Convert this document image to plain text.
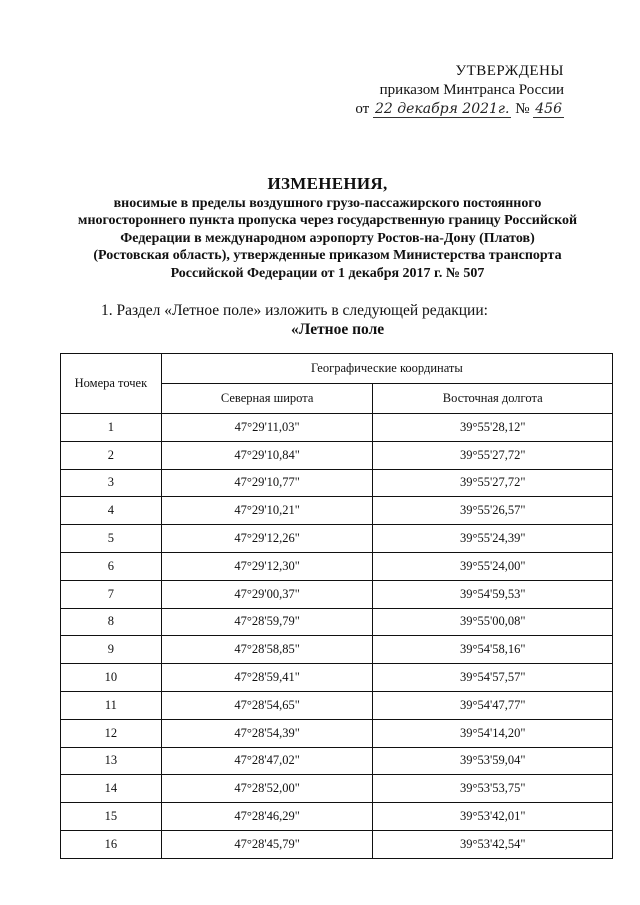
УТВЕРЖДЕНЫ
приказом Минтранса России
от 22 декабря 2021г. № 456
ИЗМЕНЕНИЯ,
вносимые в пределы воздушного грузо-пассажирского постоянного
многостороннего пункта пропуска через государственную границу Российской
Федерации в международном аэропорту Ростов-на-Дону (Платов)
(Ростовская область), утвержденные приказом Министерства транспорта
Российской Федерации от 1 декабря 2017 г. № 507
1. Раздел «Летное поле» изложить в следующей редакции:
«Летное поле
Номера точек	Географические координаты	
	Северная широта	Восточная долгота
1	47°29'11,03"	39°55'28,12"
2	47°29'10,84"	39°55'27,72"
3	47°29'10,77"	39°55'27,72"
4	47°29'10,21"	39°55'26,57"
5	47°29'12,26"	39°55'24,39"
6	47°29'12,30"	39°55'24,00"
7	47°29'00,37"	39°54'59,53"
8	47°28'59,79"	39°55'00,08"
9	47°28'58,85"	39°54'58,16"
10	47°28'59,41"	39°54'57,57"
11	47°28'54,65"	39°54'47,77"
12	47°28'54,39"	39°54'14,20"
13	47°28'47,02"	39°53'59,04"
14	47°28'52,00"	39°53'53,75"
15	47°28'46,29"	39°53'42,01"
16	47°28'45,79"	39°53'42,54"
